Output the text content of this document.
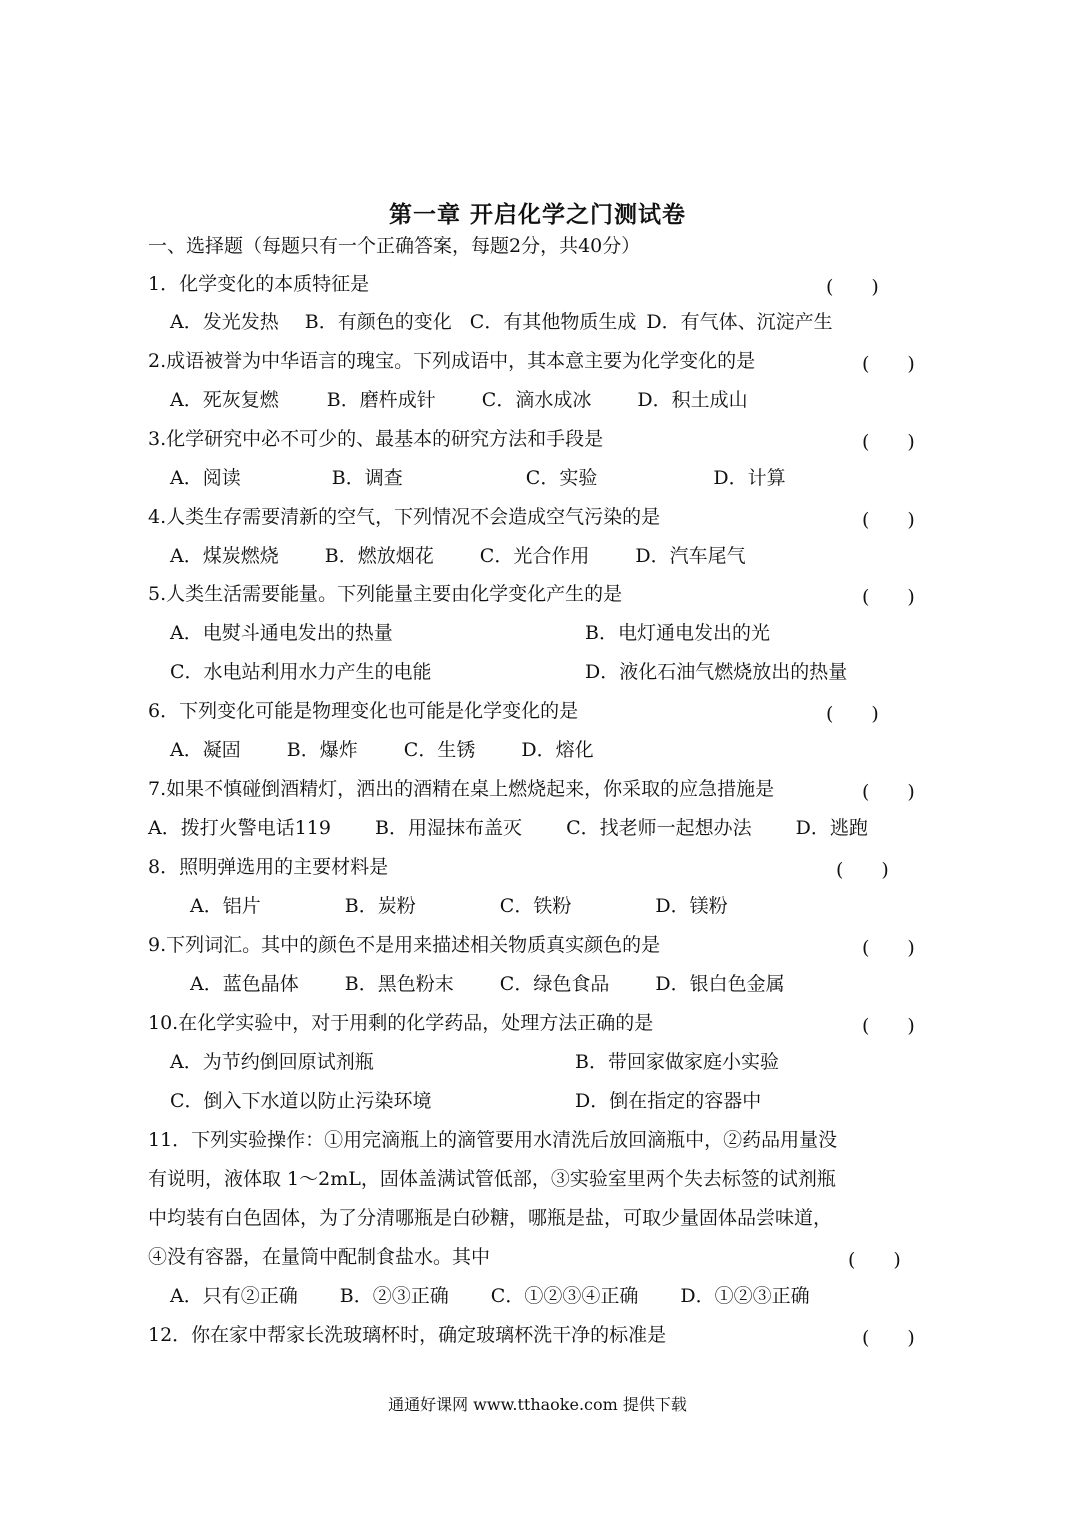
第一章 开启化学之门测试卷
一、选择题（每题只有一个正确答案，每题2分，共40分）
1．化学变化的本质特征是	(　　)
A．发光发热 B．有颜色的变化 C．有其他物质生成 D．有气体、沉淀产生
2.成语被誉为中华语言的瑰宝。下列成语中，其本意主要为化学变化的是	(　　)
A．死灰复燃	B．磨杵成针 C．滴水成冰 D．积土成山
3.化学研究中必不可少的、最基本的研究方法和手段是	(　　)
A．阅读	B．调查	C．实验	D．计算
4.人类生存需要清新的空气，下列情况不会造成空气污染的是	(　　)
A．煤炭燃烧 B．燃放烟花 C．光合作用 D．汽车尾气
5.人类生活需要能量。下列能量主要由化学变化产生的是	(　　)
A．电熨斗通电发出的热量	B．电灯通电发出的光
C．水电站利用水力产生的电能	D．液化石油气燃烧放出的热量
6．下列变化可能是物理变化也可能是化学变化的是	(　　)
A．凝固 B．爆炸 C．生锈 D．熔化
7.如果不慎碰倒酒精灯，洒出的酒精在桌上燃烧起来，你采取的应急措施是	(　　)
A．拨打火警电话119 B．用湿抹布盖灭 C．找老师一起想办法 D．逃跑
8．照明弹选用的主要材料是	(　　)
A．铝片	B．炭粉	C．铁粉	D．镁粉
9.下列词汇。其中的颜色不是用来描述相关物质真实颜色的是	(　　)
A．蓝色晶体 B．黑色粉末 C．绿色食品 D．银白色金属
10.在化学实验中，对于用剩的化学药品，处理方法正确的是	(　　)
A．为节约倒回原试剂瓶	B．带回家做家庭小实验
C．倒入下水道以防止污染环境	D．倒在指定的容器中
11．下列实验操作：①用完滴瓶上的滴管要用水清洗后放回滴瓶中，②药品用量没
有说明，液体取 1～2mL，固体盖满试管低部，③实验室里两个失去标签的试剂瓶
中均装有白色固体，为了分清哪瓶是白砂糖，哪瓶是盐，可取少量固体品尝味道，
④没有容器，在量筒中配制食盐水。其中	(　　)
A．只有②正确 B．②③正确 C．①②③④正确 D．①②③正确
12．你在家中帮家长洗玻璃杯时，确定玻璃杯洗干净的标准是	(　　)
通通好课网 www.tthaoke.com 提供下载
